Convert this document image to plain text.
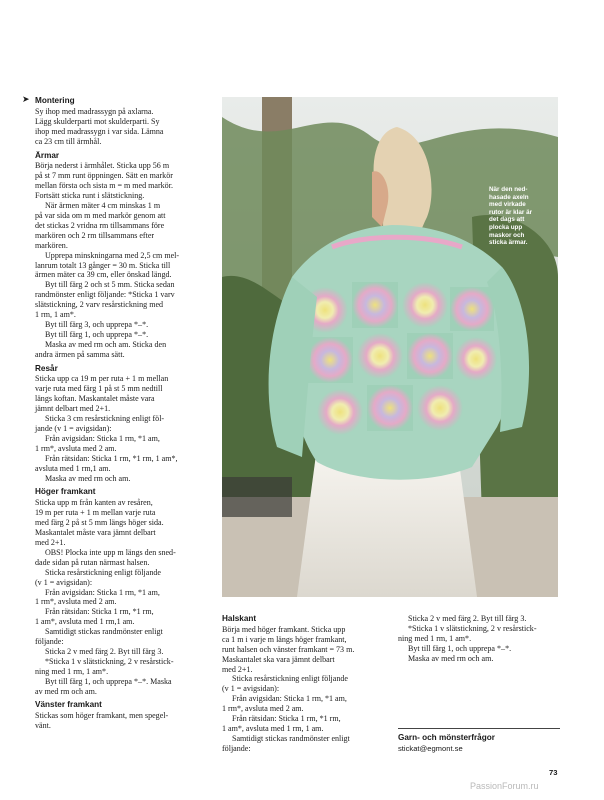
➤ Montering

Sy ihop med madrassygn på axlarna.

Lägg skulderparti mot skulderparti. Sy

ihop med madrassygn i var sida. Lämna

ca 23 cm till ärmhål.

Ärmar

Börja nederst i ärmhålet. Sticka upp 56 m

på st 7 mm runt öppningen. Sätt en markör

mellan första och sista m = m med markör.

Fortsätt sticka runt i slätstickning.

När ärmen mäter 4 cm minskas 1 m

på var sida om m med markör genom att

det stickas 2 vridna rm tillsammans före

markören och 2 rm tillsammans efter

markören.

Upprepa minskningarna med 2,5 cm mel-

lanrum totalt 13 gånger = 30 m. Sticka till

ärmen mäter ca 39 cm, eller önskad längd.

Byt till färg 2 och st 5 mm. Sticka sedan

randmönster enligt följande: *Sticka 1 varv

slätstickning, 2 varv resårstickning med

1 rm, 1 am*.

Byt till färg 3, och upprepa *–*.

Byt till färg 1, och upprepa *–*.

Maska av med rm och am. Sticka den

andra ärmen på samma sätt.

Resår

Sticka upp ca 19 m per ruta + 1 m mellan

varje ruta med färg 1 på st 5 mm nedtill

längs koftan. Maskantalet måste vara

jämnt delbart med 2+1.

Sticka 3 cm resårstickning enligt föl-

jande (v 1 = avigsidan):

Från avigsidan: Sticka 1 rm, *1 am,

1 rm*, avsluta med 2 am.

Från rätsidan: Sticka 1 rm, *1 rm, 1 am*,

avsluta med 1 rm,1 am.

Maska av med rm och am.

Höger framkant

Sticka upp m från kanten av resåren,

19 m per ruta + 1 m mellan varje ruta

med färg 2 på st 5 mm längs höger sida.

Maskantalet måste vara jämnt delbart

med 2+1.

OBS! Plocka inte upp m längs den sned-

dade sidan på rutan närmast halsen.

Sticka resårstickning enligt följande

(v 1 = avigsidan):

Från avigsidan: Sticka 1 rm, *1 am,

1 rm*, avsluta med 2 am.

Från rätsidan: Sticka 1 rm, *1 rm,

1 am*, avsluta med 1 rm,1 am.

Samtidigt stickas randmönster enligt

följande:

Sticka 2 v med färg 2. Byt till färg 3.

*Sticka 1 v slätstickning, 2 v resårstick-

ning med 1 rm, 1 am*.

Byt till färg 1, och upprepa *–*. Maska

av med rm och am.

Vänster framkant

Stickas som höger framkant, men spegel-

vänt.

När den ned-
hasade axeln
med virkade
rutor är klar är
det dags att
plocka upp
maskor och
sticka ärmar.
Halskant

Börja med höger framkant. Sticka upp

ca 1 m i varje m längs höger framkant,

runt halsen och vänster framkant = 73 m.

Maskantalet ska vara jämnt delbart

med 2+1.

Sticka resårstickning enligt följande

(v 1 = avigsidan):

Från avigsidan: Sticka 1 rm, *1 am,

1 rm*, avsluta med 2 am.

Från rätsidan: Sticka 1 rm, *1 rm,

1 am*, avsluta med 1 rm, 1 am.

Samtidigt stickas randmönster enligt

följande:

Sticka 2 v med färg 2. Byt till färg 3.

*Sticka 1 v slätstickning, 2 v resårstick-

ning med 1 rm, 1 am*.

Byt till färg 1, och upprepa *–*.

Maska av med rm och am.

Garn- och mönsterfrågor
stickat@egmont.se
73
PassionForum.ru
